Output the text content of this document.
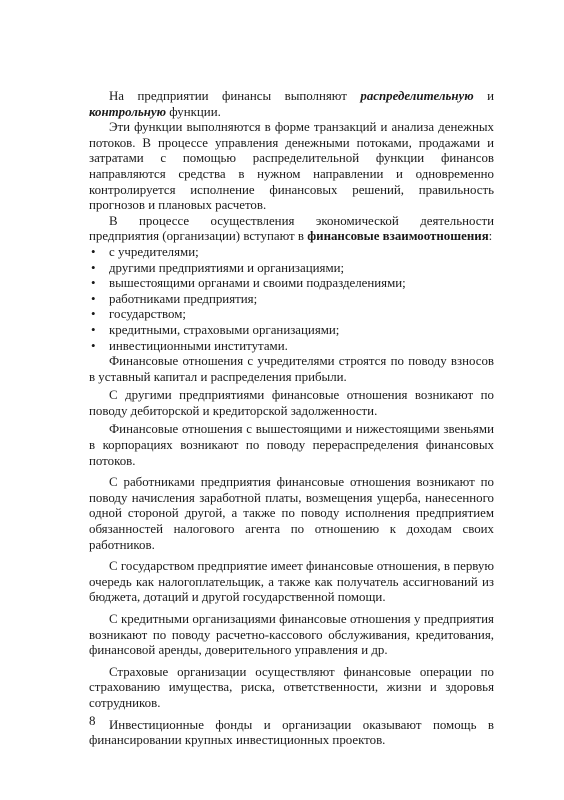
На предприятии финансы выполняют распределительную и контрольную функции.

Эти функции выполняются в форме транзакций и анализа денежных потоков. В процессе управления денежными потоками, продажами и затратами с помощью распределительной функции финансов направляются средства в нужном направлении и одновременно контролируется исполнение финансовых решений, правильность прогнозов и плановых расчетов.

В процессе осуществления экономической деятельности предприятия (организации) вступают в финансовые взаимоотношения:

• с учредителями;
• другими предприятиями и организациями;
• вышестоящими органами и своими подразделениями;
• работниками предприятия;
• государством;
• кредитными, страховыми организациями;
• инвестиционными институтами.

Финансовые отношения с учредителями строятся по поводу взносов в уставный капитал и распределения прибыли.

С другими предприятиями финансовые отношения возникают по поводу дебиторской и кредиторской задолженности.

Финансовые отношения с вышестоящими и нижестоящими звеньями в корпорациях возникают по поводу перераспределения финансовых потоков.

С работниками предприятия финансовые отношения возникают по поводу начисления заработной платы, возмещения ущерба, нанесенного одной стороной другой, а также по поводу исполнения предприятием обязанностей налогового агента по отношению к доходам своих работников.

С государством предприятие имеет финансовые отношения, в первую очередь как налогоплательщик, а также как получатель ассигнований из бюджета, дотаций и другой государственной помощи.

С кредитными организациями финансовые отношения у предприятия возникают по поводу расчетно-кассового обслуживания, кредитования, финансовой аренды, доверительного управления и др.

Страховые организации осуществляют финансовые операции по страхованию имущества, риска, ответственности, жизни и здоровья сотрудников.

Инвестиционные фонды и организации оказывают помощь в финансировании крупных инвестиционных проектов.

8
